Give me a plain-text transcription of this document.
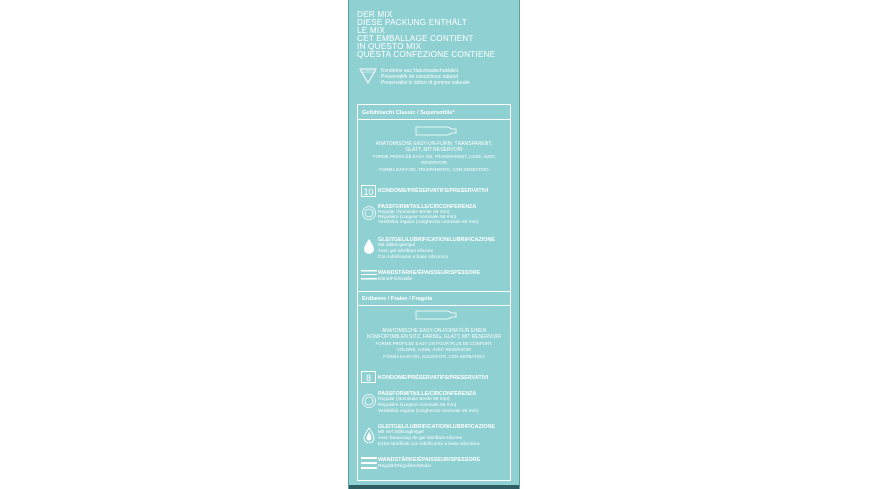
DER MIX
DIESE PACKUNG ENTHÄLT
LE MIX
CET EMBALLAGE CONTIENT
IN QUESTO MIX
QUESTA CONFEZIONE CONTIENE
LATEX Kondome aus Naturkautschuklatex
Préservatifs de caoutchouc naturel
Preservativi in lattice di gomma naturale
Gefühlsecht Classic / Supersottile*
ANATOMISCHE EASY-ON-FORM, TRANSPARENT,
GLATT, MIT RESERVOIR
FORME PROFILÉE EASY ON, TRANSPARENT, LISSE, AVEC
RÉSERVOIR
FORMA EASY-ON, TRASPARENTE, CON SERBATOIO
10 KONDOME/PRÉSERVATIFS/PRESERVATIVI
PASSFORM/TAILLE/CIRCONFERENZA
Regulär (Nominale Breite 56 mm)
Régulière (Largeur nominale 56 mm)
Vestibilità regular (Larghezza nominale 56 mm)
GLEITGEL/LUBRIFICATION/LUBRIFICAZIONE
Mit Silikongleitgel
Avec gel lubrifiant silicone
Con lubrificante a base siliconica
WANDSTÄRKE/ÉPAISSEUR/SPESSORE
Dünn/Fin/Sottile
Erdbeere / Fraise / Fragola
ANATOMISCHE EASY-ON-FORM FÜR EINEN
KOMFORTABLEN SITZ, FARBIG, GLATT, MIT RESERVOIR
FORME PROFILÉE EASY ON POUR PLUS DE CONFORT,
COLORÉ, LISSE, AVEC RÉSERVOIR
FORMA EASY-ON, COLORATO, CON SERBATOIO
8	KONDOME/PRÉSERVATIFS/PRESERVATIVI
PASSFORM/TAILLE/CIRCONFERENZA
Regulär (Nominale Breite 56 mm)
Régulière (Largeur nominale 56 mm)
Vestibilità regular (Larghezza nominale 56 mm)
GLEITGEL/LUBRIFICATION/LUBRIFICAZIONE
Mit viel Silikongleitgel
Avec beaucoup de gel lubrifiant silicone
Extra lubrificati con lubrificante a base siliconica
WANDSTÄRKE/ÉPAISSEUR/SPESSORE
Regulär/Régulière/Medio
